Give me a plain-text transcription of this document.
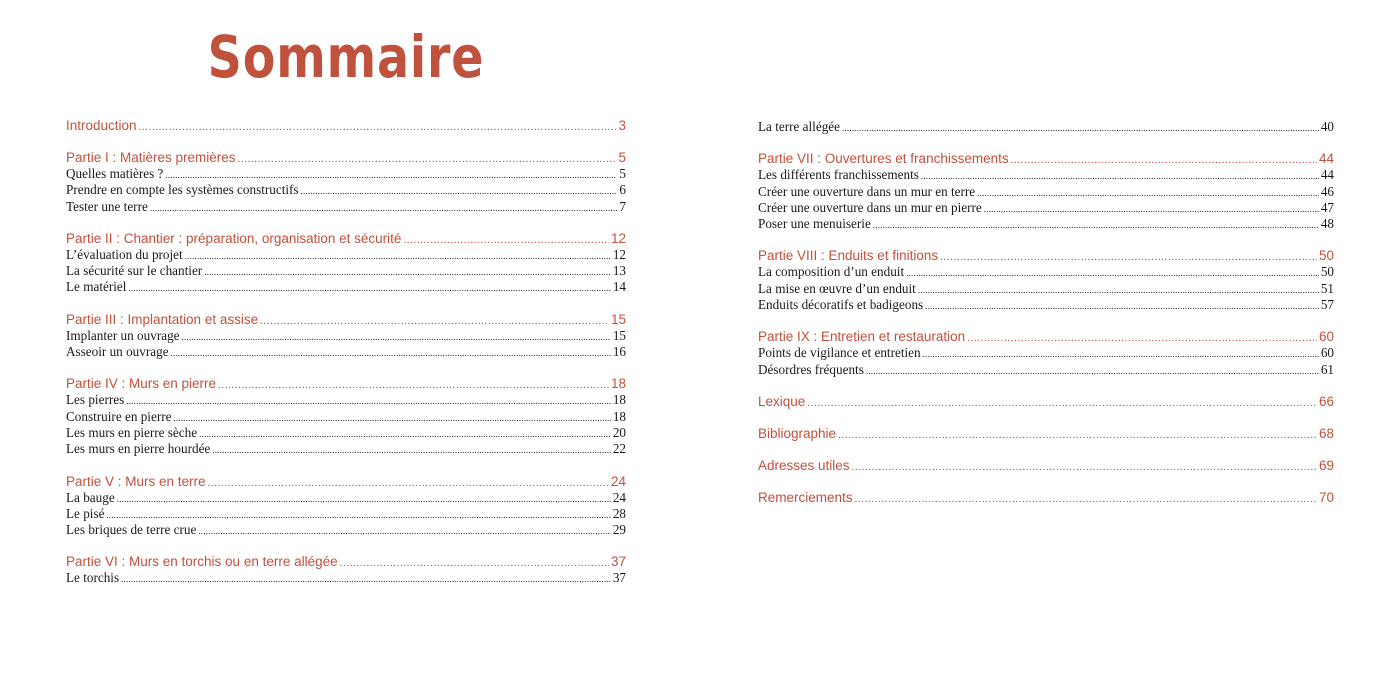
Sommaire
Introduction .....	3
Partie I : Matières premières .....	5
Quelles matières ? .....	5
Prendre en compte les systèmes constructifs .....	6
Tester une terre .....	7
Partie II : Chantier : préparation, organisation et sécurité .....	12
L’évaluation du projet .....	12
La sécurité sur le chantier .....	13
Le matériel .....	14
Partie III : Implantation et assise .....	15
Implanter un ouvrage .....	15
Asseoir un ouvrage .....	16
Partie IV : Murs en pierre .....	18
Les pierres .....	18
Construire en pierre .....	18
Les murs en pierre sèche .....	20
Les murs en pierre hourdée .....	22
Partie V : Murs en terre .....	24
La bauge .....	24
Le pisé .....	28
Les briques de terre crue .....	29
Partie VI : Murs en torchis ou en terre allégée .....	37
Le torchis .....	37
La terre allégée .....	40
Partie VII : Ouvertures et franchissements .....	44
Les différents franchissements .....	44
Créer une ouverture dans un mur en terre .....	46
Créer une ouverture dans un mur en pierre .....	47
Poser une menuiserie .....	48
Partie VIII : Enduits et finitions .....	50
La composition d’un enduit .....	50
La mise en œuvre d’un enduit .....	51
Enduits décoratifs et badigeons .....	57
Partie IX : Entretien et restauration .....	60
Points de vigilance et entretien .....	60
Désordres fréquents .....	61
Lexique .....	66
Bibliographie .....	68
Adresses utiles .....	69
Remerciements .....	70
